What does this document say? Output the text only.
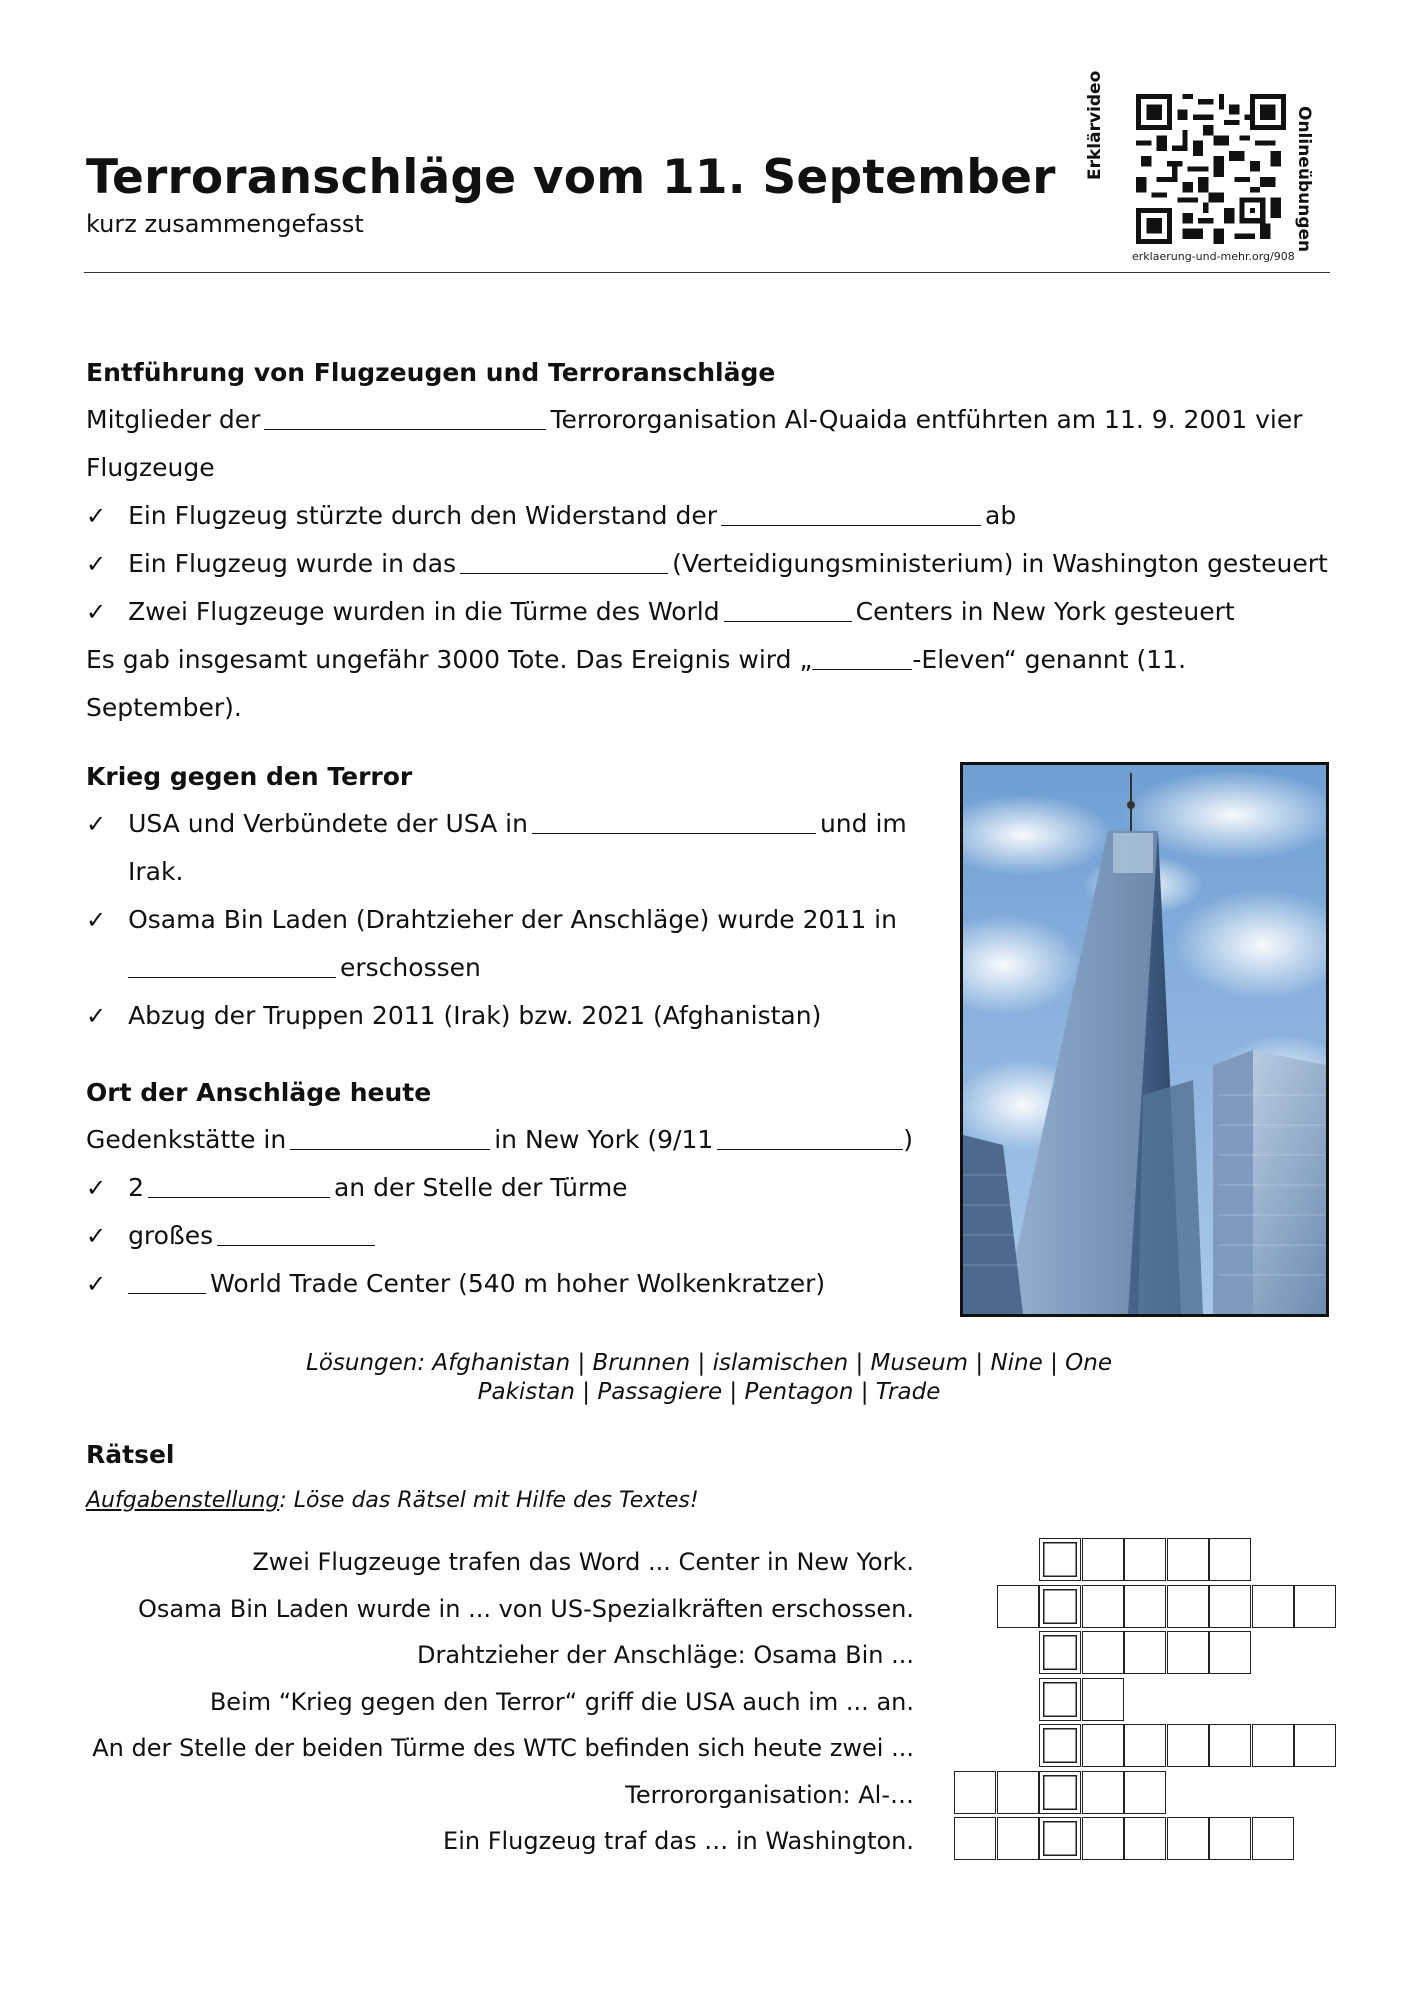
Terroranschläge vom 11. September
kurz zusammengefasst
Erklärvideo	Onlineübungen
erklaerung-und-mehr.org/908
Entführung von Flugzeugen und Terroranschläge
Mitglieder der	Terrororganisation Al-Quaida entführten am 11. 9. 2001 vier
Flugzeuge
✓ Ein Flugzeug stürzte durch den Widerstand der	ab
✓ Ein Flugzeug wurde in das	(Verteidigungsministerium) in Washington gesteuert
✓ Zwei Flugzeuge wurden in die Türme des World	Centers in New York gesteuert
Es gab insgesamt ungefähr 3000 Tote. Das Ereignis wird „	-Eleven“ genannt (11.
September).
Krieg gegen den Terror
✓ USA und Verbündete der USA in	und im
Irak.
✓ Osama Bin Laden (Drahtzieher der Anschläge) wurde 2011 in
erschossen
✓ Abzug der Truppen 2011 (Irak) bzw. 2021 (Afghanistan)
Ort der Anschläge heute
Gedenkstätte in	in New York (9/11	)
✓ 2	an der Stelle der Türme
✓ großes
✓	World Trade Center (540 m hoher Wolkenkratzer)
Lösungen: Afghanistan | Brunnen | islamischen | Museum | Nine | One
Pakistan | Passagiere | Pentagon | Trade
Rätsel
Aufgabenstellung: Löse das Rätsel mit Hilfe des Textes!
Zwei Flugzeuge trafen das Word ... Center in New York.
Osama Bin Laden wurde in ... von US-Spezialkräften erschossen.
Drahtzieher der Anschläge: Osama Bin ...
Beim “Krieg gegen den Terror“ griff die USA auch im ... an.
An der Stelle der beiden Türme des WTC befinden sich heute zwei ...
Terrororganisation: Al-…
Ein Flugzeug traf das … in Washington.
